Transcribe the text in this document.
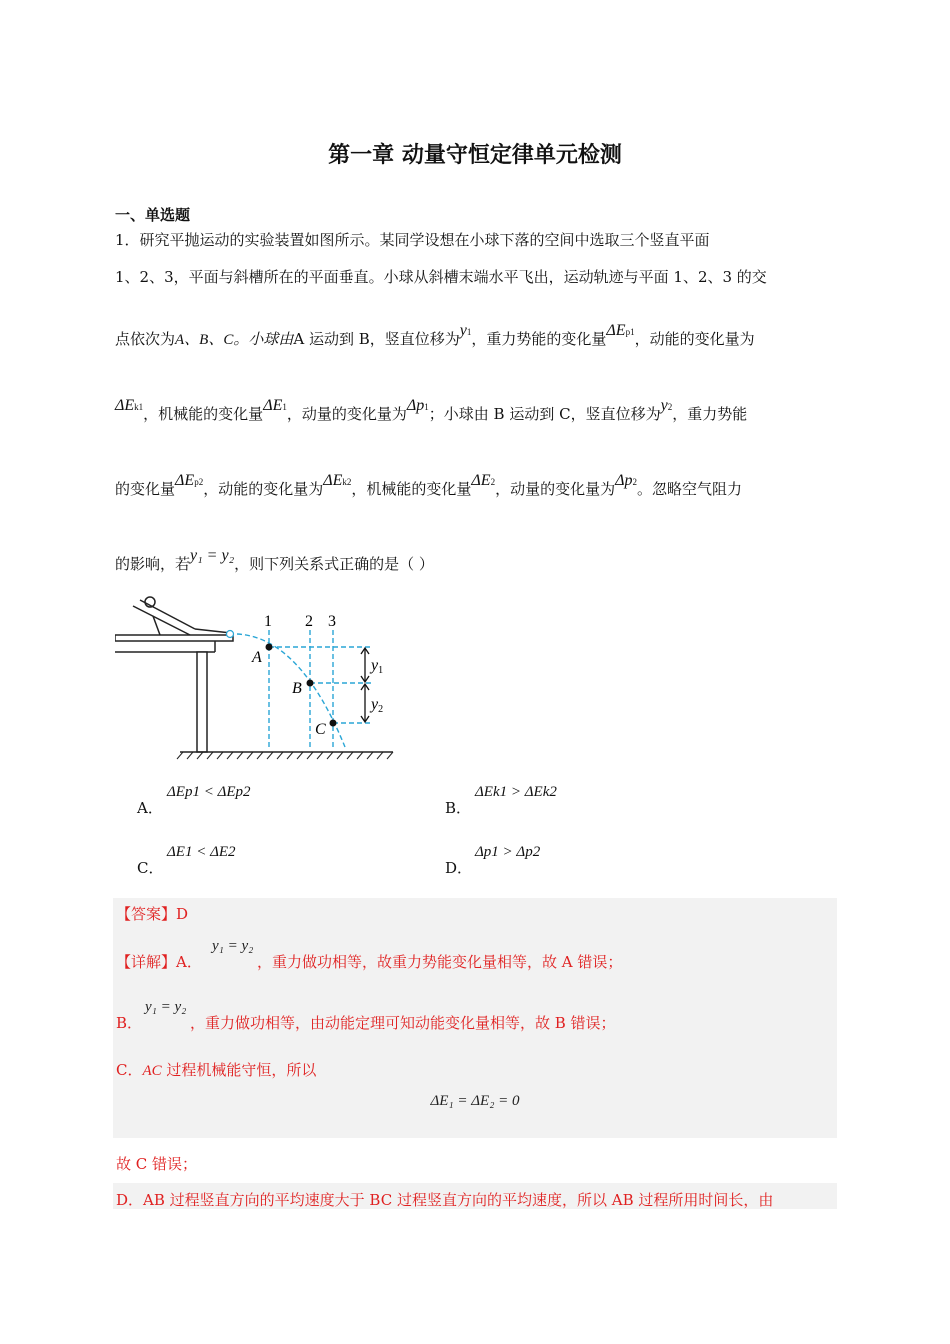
第一章 动量守恒定律单元检测
一、单选题
1．研究平抛运动的实验装置如图所示。某同学设想在小球下落的空间中选取三个竖直平面
1、2、3，平面与斜槽所在的平面垂直。小球从斜槽末端水平飞出，运动轨迹与平面 1、2、3 的交
点依次为A、B、C。小球由A 运动到 B，竖直位移为y1，重力势能的变化量ΔEp1，动能的变化量为
ΔEk1，机械能的变化量ΔE1，动量的变化量为Δp1；小球由 B 运动到 C，竖直位移为y2，重力势能
的变化量ΔEp2，动能的变化量为ΔEk2，机械能的变化量ΔE2，动量的变化量为Δp2。忽略空气阻力
的影响，若y₁ = y₂，则下列关系式正确的是（ ）
1 2 3
A
B
C
y1
y2
A．
ΔEp1 < ΔEp2
B．
ΔEk1 > ΔEk2
C．
ΔE1 < ΔE2
D．
Δp1 > Δp2
【答案】D
【详解】A．
y₁ = y₂
，重力做功相等，故重力势能变化量相等，故 A 错误；
B．
y₁ = y₂
，重力做功相等，由动能定理可知动能变化量相等，故 B 错误；
C．AC 过程机械能守恒，所以
ΔE₁ = ΔE₂ = 0
故 C 错误；
D．AB 过程竖直方向的平均速度大于 BC 过程竖直方向的平均速度，所以 AB 过程所用时间长，由
